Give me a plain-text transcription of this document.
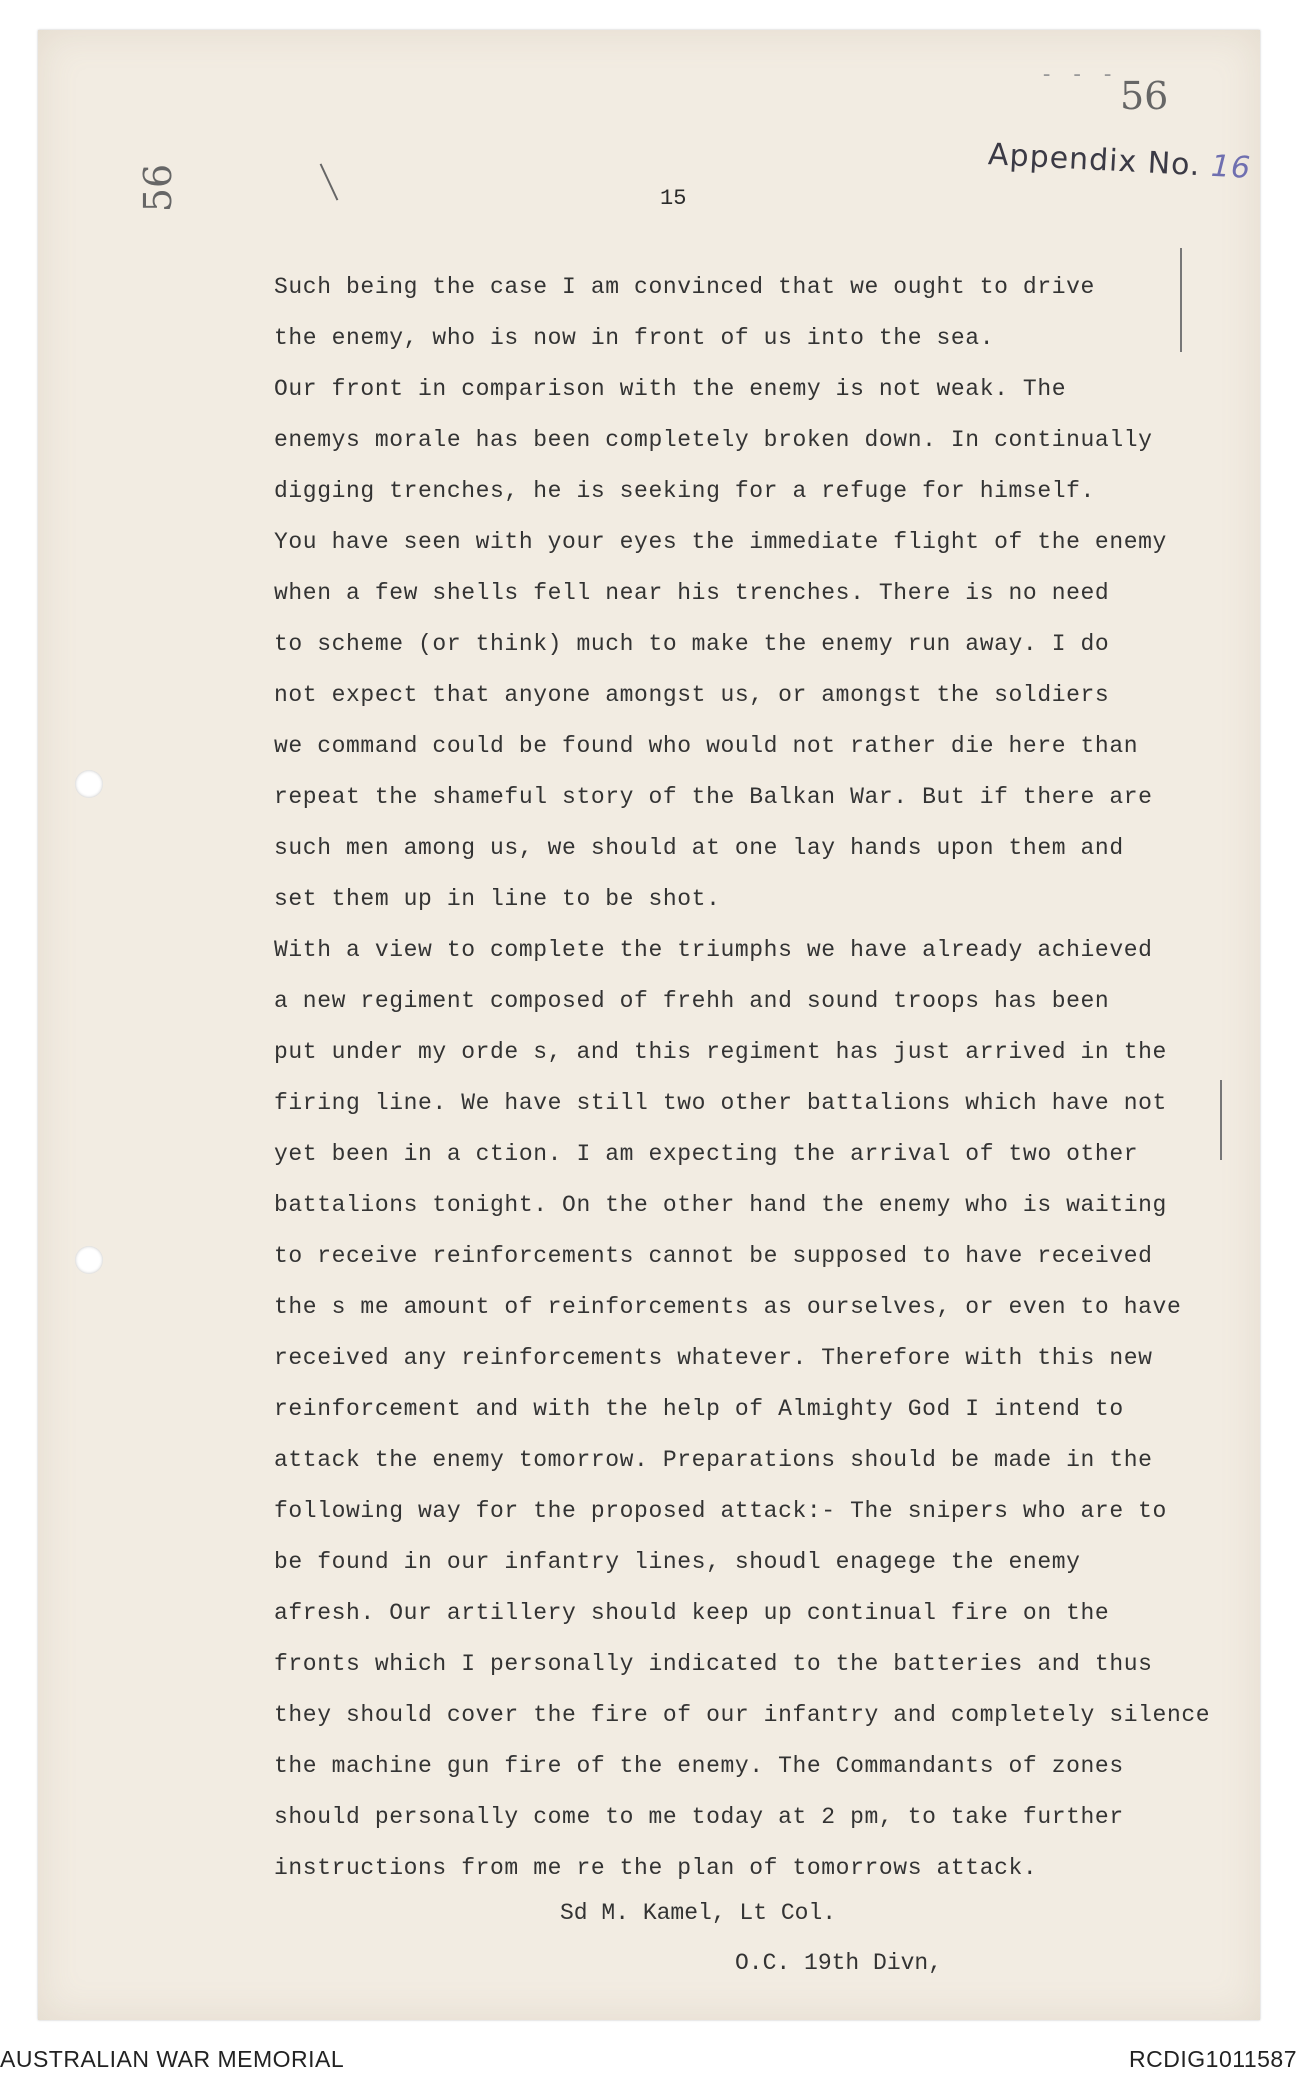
56
- - - 56
Appendix No. 16
15
Such being the case I am convinced that we ought to drive
the enemy, who is now in front of us into the sea.
Our front in comparison with the enemy is not weak. The
enemys morale has been completely broken down. In continually
digging trenches, he is seeking for a refuge for himself.
You have seen with your eyes the immediate flight of the enemy
when a few shells fell near his trenches. There is no need
to scheme (or think) much to make the enemy run away. I do
not expect that anyone amongst us, or amongst the soldiers
we command could be found who would not rather die here than
repeat the shameful story of the Balkan War. But if there are
such men among us, we should at one lay hands upon them and
set them up in line to be shot.
With a view to complete the triumphs we have already achieved
a new regiment composed of frehh and sound troops has been
put under my orde s, and this regiment has just arrived in the
firing line. We have still two other battalions which have not
yet been in a ction. I am expecting the arrival of two other
battalions tonight. On the other hand the enemy who is waiting
to receive reinforcements cannot be supposed to have received
the s me amount of reinforcements as ourselves, or even to have
received any reinforcements whatever. Therefore with this new
reinforcement and with the help of Almighty God I intend to
attack the enemy tomorrow. Preparations should be made in the
following way for the proposed attack:- The snipers who are to
be found in our infantry lines, shoudl enagege the enemy
afresh. Our artillery should keep up continual fire on the
fronts which I personally indicated to the batteries and thus
they should cover the fire of our infantry and completely silence
the machine gun fire of the enemy. The Commandants of zones
should personally come to me today at 2 pm, to take further
instructions from me re the plan of tomorrows attack.
Sd M. Kamel, Lt Col.
O.C. 19th Divn,
AUSTRALIAN WAR MEMORIAL	RCDIG1011587
